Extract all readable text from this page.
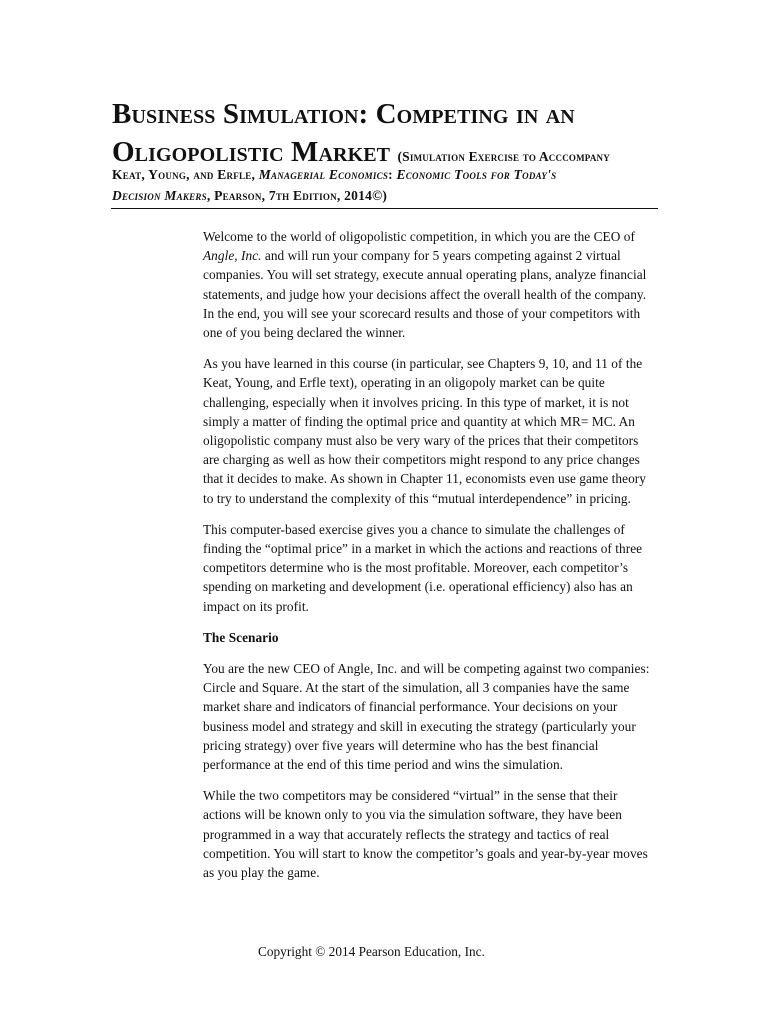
Business Simulation: Competing in an
Oligopolistic Market (Simulation Exercise to Acccompany
Keat, Young, and Erfle, Managerial Economics: Economic Tools for Today's
Decision Makers, Pearson, 7th Edition, 2014©)

Welcome to the world of oligopolistic competition, in which you are the CEO of Angle, Inc. and will run your company for 5 years competing against 2 virtual companies. You will set strategy, execute annual operating plans, analyze financial statements, and judge how your decisions affect the overall health of the company. In the end, you will see your scorecard results and those of your competitors with one of you being declared the winner.

As you have learned in this course (in particular, see Chapters 9, 10, and 11 of the Keat, Young, and Erfle text), operating in an oligopoly market can be quite challenging, especially when it involves pricing. In this type of market, it is not simply a matter of finding the optimal price and quantity at which MR= MC. An oligopolistic company must also be very wary of the prices that their competitors are charging as well as how their competitors might respond to any price changes that it decides to make. As shown in Chapter 11, economists even use game theory to try to understand the complexity of this “mutual interdependence” in pricing.

This computer-based exercise gives you a chance to simulate the challenges of finding the “optimal price” in a market in which the actions and reactions of three competitors determine who is the most profitable. Moreover, each competitor’s spending on marketing and development (i.e. operational efficiency) also has an impact on its profit.

The Scenario

You are the new CEO of Angle, Inc. and will be competing against two companies: Circle and Square. At the start of the simulation, all 3 companies have the same market share and indicators of financial performance. Your decisions on your business model and strategy and skill in executing the strategy (particularly your pricing strategy) over five years will determine who has the best financial performance at the end of this time period and wins the simulation.

While the two competitors may be considered “virtual” in the sense that their actions will be known only to you via the simulation software, they have been programmed in a way that accurately reflects the strategy and tactics of real competition. You will start to know the competitor’s goals and year-by-year moves as you play the game.

Copyright © 2014 Pearson Education, Inc.
